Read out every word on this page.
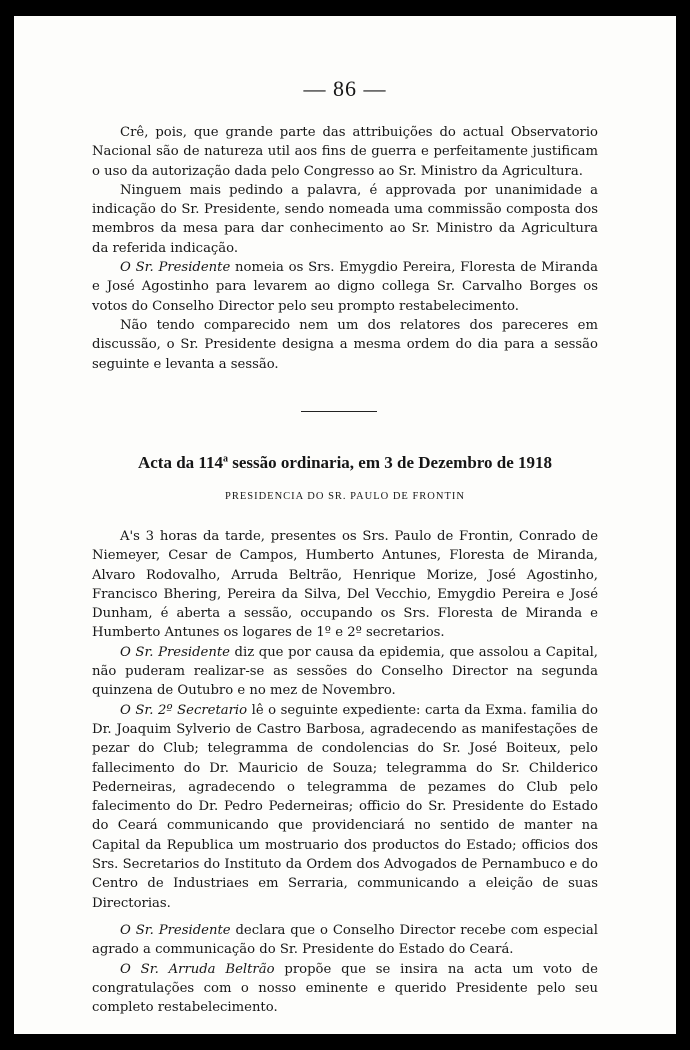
— 86 —

Crê, pois, que grande parte das attribuições do actual Observatorio Nacional são de natureza util aos fins de guerra e perfeitamente justificam o uso da autorização dada pelo Congresso ao Sr. Ministro da Agricultura.

Ninguem mais pedindo a palavra, é approvada por unanimidade a indicação do Sr. Presidente, sendo nomeada uma commissão composta dos membros da mesa para dar conhecimento ao Sr. Ministro da Agricultura da referida indicação.

O Sr. Presidente nomeia os Srs. Emygdio Pereira, Floresta de Miranda e José Agostinho para levarem ao digno collega Sr. Carvalho Borges os votos do Conselho Director pelo seu prompto restabelecimento.

Não tendo comparecido nem um dos relatores dos pareceres em discussão, o Sr. Presidente designa a mesma ordem do dia para a sessão seguinte e levanta a sessão.

Acta da 114$^a$ sessão ordinaria, em 3 de Dezembro de 1918
PRESIDENCIA DO SR. PAULO DE FRONTIN

A's 3 horas da tarde, presentes os Srs. Paulo de Frontin, Conrado de Niemeyer, Cesar de Campos, Humberto Antunes, Floresta de Miranda, Alvaro Rodovalho, Arruda Beltrão, Henrique Morize, José Agostinho, Francisco Bhering, Pereira da Silva, Del Vecchio, Emygdio Pereira e José Dunham, é aberta a sessão, occupando os Srs. Floresta de Miranda e Humberto Antunes os logares de 1º e 2º secretarios.

O Sr. Presidente diz que por causa da epidemia, que assolou a Capital, não puderam realizar-se as sessões do Conselho Director na segunda quinzena de Outubro e no mez de Novembro.

O Sr. 2º Secretario lê o seguinte expediente: carta da Exma. familia do Dr. Joaquim Sylverio de Castro Barbosa, agradecendo as manifestações de pezar do Club; telegramma de condolencias do Sr. José Boiteux, pelo fallecimento do Dr. Mauricio de Souza; telegramma do Sr. Childerico Pederneiras, agradecendo o telegramma de pezames do Club pelo falecimento do Dr. Pedro Pederneiras; officio do Sr. Presidente do Estado do Ceará communicando que providenciará no sentido de manter na Capital da Republica um mostruario dos productos do Estado; officios dos Srs. Secretarios do Instituto da Ordem dos Advogados de Pernambuco e do Centro de Industriaes em Serraria, communicando a eleição de suas Directorias.

O Sr. Presidente declara que o Conselho Director recebe com especial agrado a communicação do Sr. Presidente do Estado do Ceará.

O Sr. Arruda Beltrão propõe que se insira na acta um voto de congratulações com o nosso eminente e querido Presidente pelo seu completo restabelecimento.
